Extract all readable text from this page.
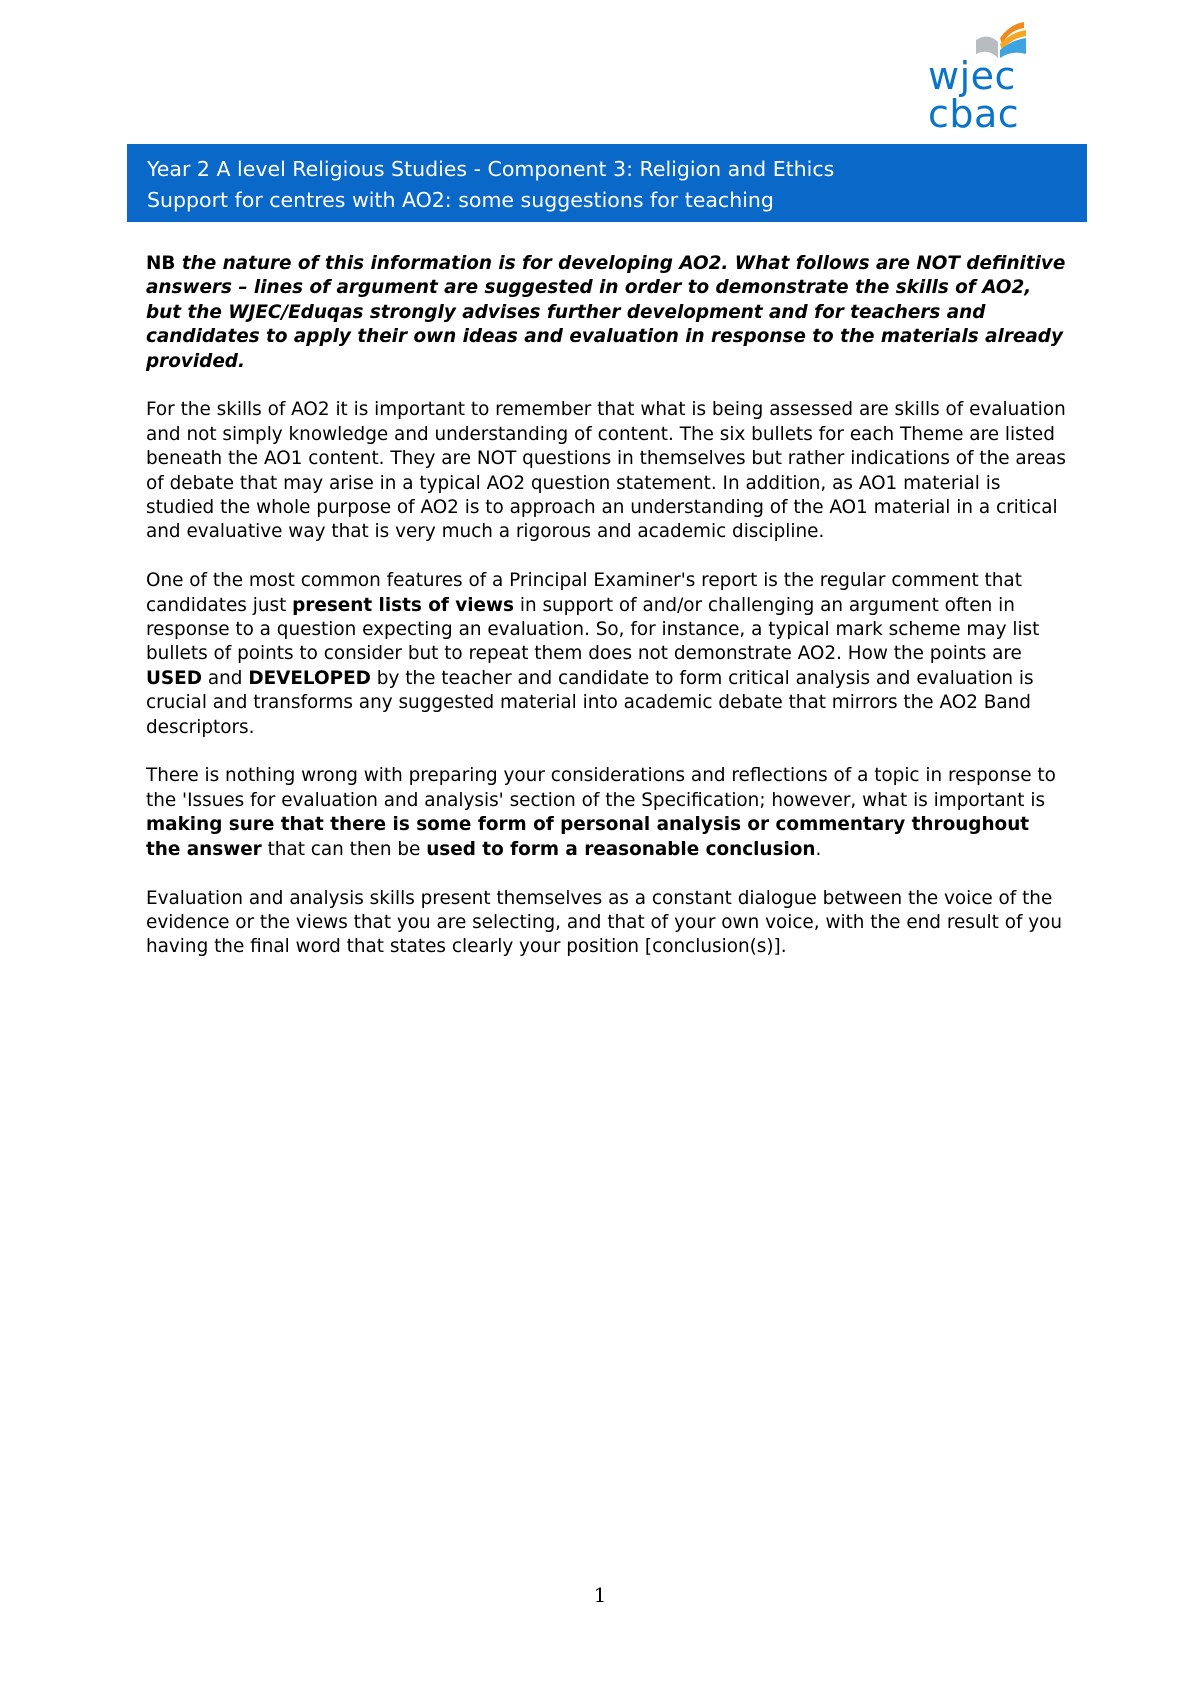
wjec
cbac
Year 2 A level Religious Studies - Component 3: Religion and Ethics
Support for centres with AO2: some suggestions for teaching

NB the nature of this information is for developing AO2. What follows are NOT definitive answers – lines of argument are suggested in order to demonstrate the skills of AO2, but the WJEC/Eduqas strongly advises further development and for teachers and candidates to apply their own ideas and evaluation in response to the materials already provided.

For the skills of AO2 it is important to remember that what is being assessed are skills of evaluation and not simply knowledge and understanding of content. The six bullets for each Theme are listed beneath the AO1 content. They are NOT questions in themselves but rather indications of the areas of debate that may arise in a typical AO2 question statement. In addition, as AO1 material is studied the whole purpose of AO2 is to approach an understanding of the AO1 material in a critical and evaluative way that is very much a rigorous and academic discipline.

One of the most common features of a Principal Examiner's report is the regular comment that candidates just present lists of views in support of and/or challenging an argument often in response to a question expecting an evaluation. So, for instance, a typical mark scheme may list bullets of points to consider but to repeat them does not demonstrate AO2. How the points are USED and DEVELOPED by the teacher and candidate to form critical analysis and evaluation is crucial and transforms any suggested material into academic debate that mirrors the AO2 Band descriptors.

There is nothing wrong with preparing your considerations and reflections of a topic in response to the 'Issues for evaluation and analysis' section of the Specification; however, what is important is making sure that there is some form of personal analysis or commentary throughout the answer that can then be used to form a reasonable conclusion.

Evaluation and analysis skills present themselves as a constant dialogue between the voice of the evidence or the views that you are selecting, and that of your own voice, with the end result of you having the final word that states clearly your position [conclusion(s)].

1
